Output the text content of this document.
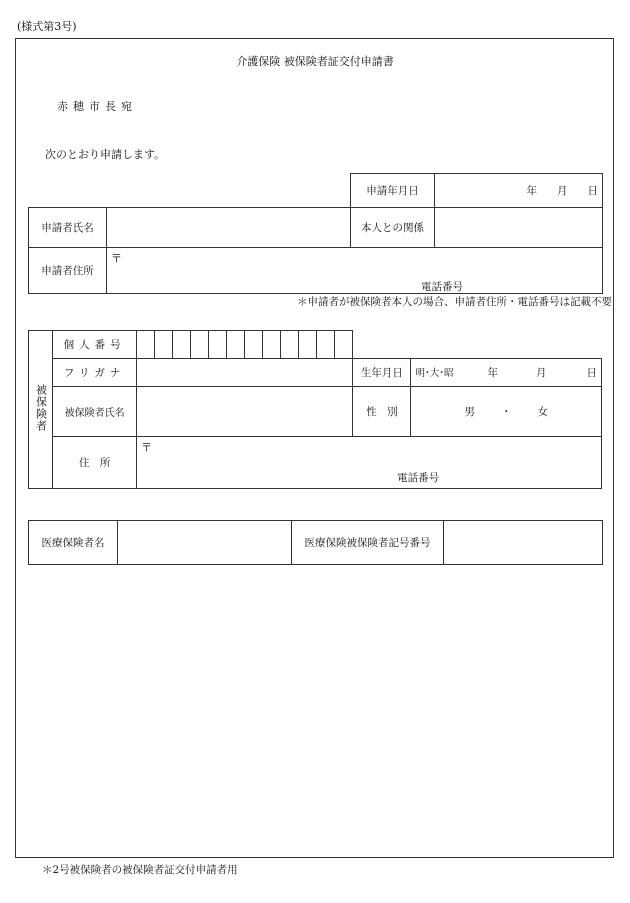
(様式第3号)
介護保険 被保険者証交付申請書
赤穂市長宛
次のとおり申請します。
		申請年月日	年 月 日
申請者氏名		本人との関係	
申請者住所	〒
電話番号		
＊申請者が被保険者本人の場合、申請者住所・電話番号は記載不要
被保険者	個人番号														
	フリガナ													生年月日	明･大･昭 年 月 日
	被保険者氏名													性　別	男 ・ 女
	住　所	〒
電話番号													
医療保険者名		医療保険被保険者記号番号	
＊2号被保険者の被保険者証交付申請者用
